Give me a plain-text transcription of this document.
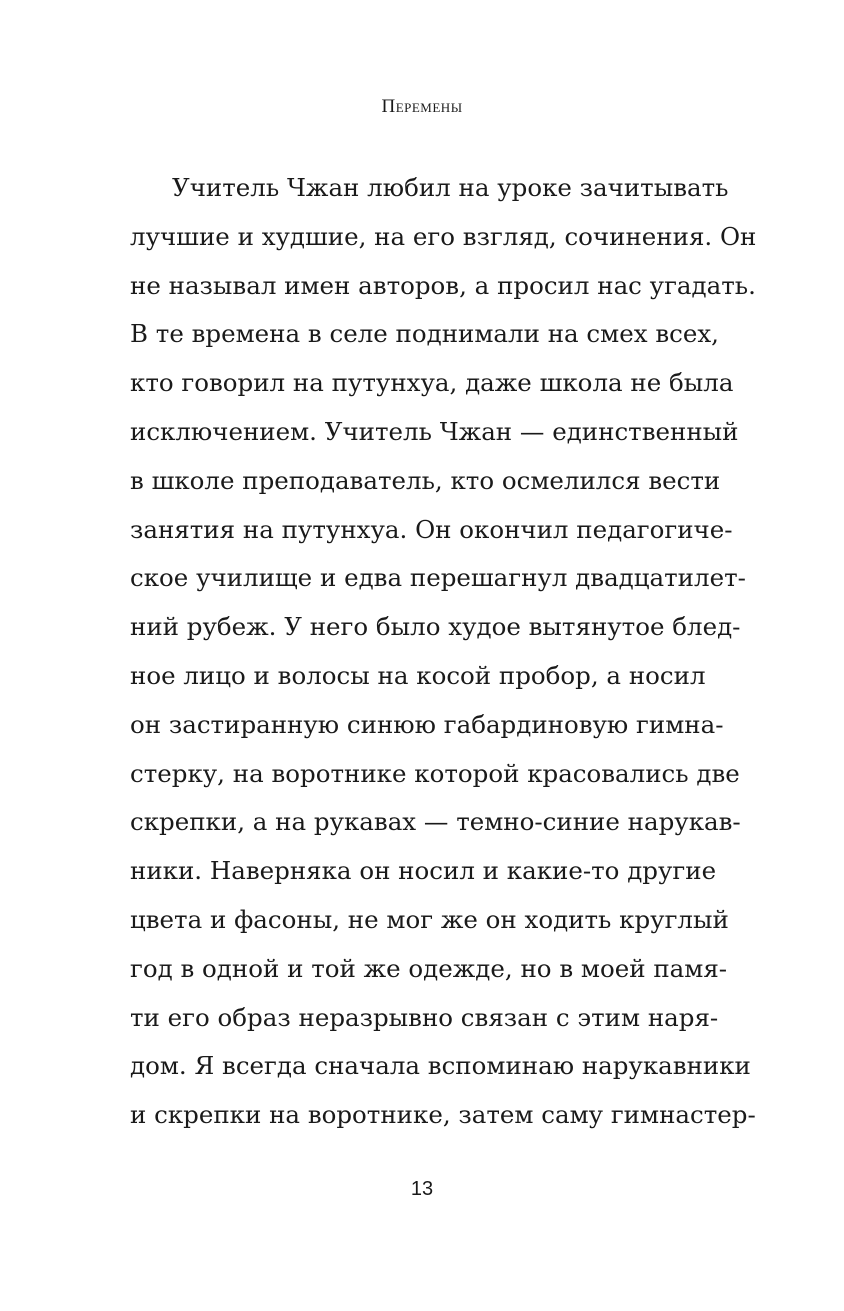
Перемены
Учитель Чжан любил на уроке зачитывать
лучшие и худшие, на его взгляд, сочинения. Он
не называл имен авторов, а просил нас угадать.
В те времена в селе поднимали на смех всех,
кто говорил на путунхуа, даже школа не была
исключением. Учитель Чжан — единственный
в школе преподаватель, кто осмелился вести
занятия на путунхуа. Он окончил педагогиче-
ское училище и едва перешагнул двадцатилет-
ний рубеж. У него было худое вытянутое блед-
ное лицо и волосы на косой пробор, а носил
он застиранную синюю габардиновую гимна-
стерку, на воротнике которой красовались две
скрепки, а на рукавах — темно-синие нарукав-
ники. Наверняка он носил и какие-то другие
цвета и фасоны, не мог же он ходить круглый
год в одной и той же одежде, но в моей памя-
ти его образ неразрывно связан с этим наря-
дом. Я всегда сначала вспоминаю нарукавники
и скрепки на воротнике, затем саму гимнастер-
13
